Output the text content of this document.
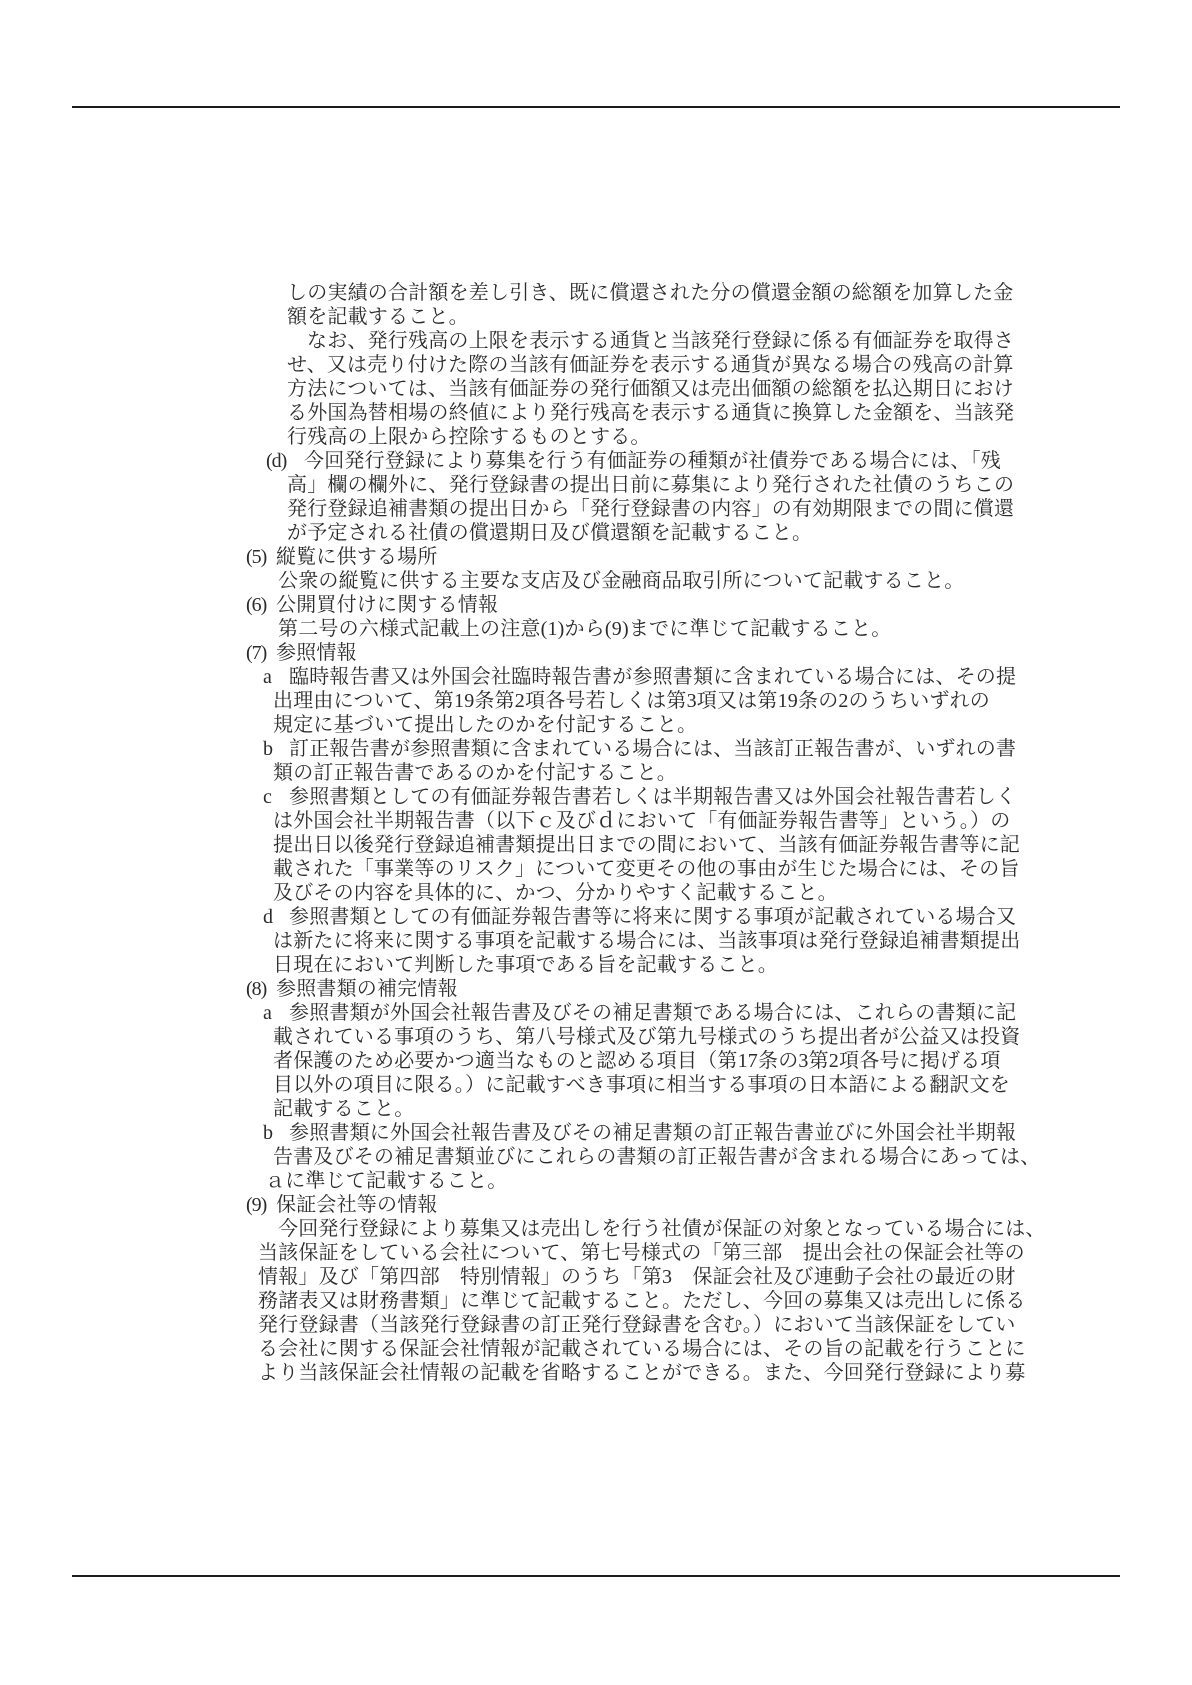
しの実績の合計額を差し引き、既に償還された分の償還金額の総額を加算した金
額を記載すること。
なお、発行残高の上限を表示する通貨と当該発行登録に係る有価証券を取得さ
せ、又は売り付けた際の当該有価証券を表示する通貨が異なる場合の残高の計算
方法については、当該有価証券の発行価額又は売出価額の総額を払込期日におけ
る外国為替相場の終値により発行残高を表示する通貨に換算した金額を、当該発
行残高の上限から控除するものとする。
(d) 今回発行登録により募集を行う有価証券の種類が社債券である場合には、「残
高」欄の欄外に、発行登録書の提出日前に募集により発行された社債のうちこの
発行登録追補書類の提出日から「発行登録書の内容」の有効期限までの間に償還
が予定される社債の償還期日及び償還額を記載すること。
(5) 縦覧に供する場所
公衆の縦覧に供する主要な支店及び金融商品取引所について記載すること。
(6) 公開買付けに関する情報
第二号の六様式記載上の注意(1)から(9)までに準じて記載すること。
(7) 参照情報
a 臨時報告書又は外国会社臨時報告書が参照書類に含まれている場合には、その提
出理由について、第19条第2項各号若しくは第3項又は第19条の2のうちいずれの
規定に基づいて提出したのかを付記すること。
b 訂正報告書が参照書類に含まれている場合には、当該訂正報告書が、いずれの書
類の訂正報告書であるのかを付記すること。
c 参照書類としての有価証券報告書若しくは半期報告書又は外国会社報告書若しく
は外国会社半期報告書（以下ｃ及びｄにおいて「有価証券報告書等」という。）の
提出日以後発行登録追補書類提出日までの間において、当該有価証券報告書等に記
載された「事業等のリスク」について変更その他の事由が生じた場合には、その旨
及びその内容を具体的に、かつ、分かりやすく記載すること。
d 参照書類としての有価証券報告書等に将来に関する事項が記載されている場合又
は新たに将来に関する事項を記載する場合には、当該事項は発行登録追補書類提出
日現在において判断した事項である旨を記載すること。
(8) 参照書類の補完情報
a 参照書類が外国会社報告書及びその補足書類である場合には、これらの書類に記
載されている事項のうち、第八号様式及び第九号様式のうち提出者が公益又は投資
者保護のため必要かつ適当なものと認める項目（第17条の3第2項各号に掲げる項
目以外の項目に限る。）に記載すべき事項に相当する事項の日本語による翻訳文を
記載すること。
b 参照書類に外国会社報告書及びその補足書類の訂正報告書並びに外国会社半期報
告書及びその補足書類並びにこれらの書類の訂正報告書が含まれる場合にあっては、
ａに準じて記載すること。
(9) 保証会社等の情報
今回発行登録により募集又は売出しを行う社債が保証の対象となっている場合には、
当該保証をしている会社について、第七号様式の「第三部　提出会社の保証会社等の
情報」及び「第四部　特別情報」のうち「第3　保証会社及び連動子会社の最近の財
務諸表又は財務書類」に準じて記載すること。ただし、今回の募集又は売出しに係る
発行登録書（当該発行登録書の訂正発行登録書を含む。）において当該保証をしてい
る会社に関する保証会社情報が記載されている場合には、その旨の記載を行うことに
より当該保証会社情報の記載を省略することができる。また、今回発行登録により募
